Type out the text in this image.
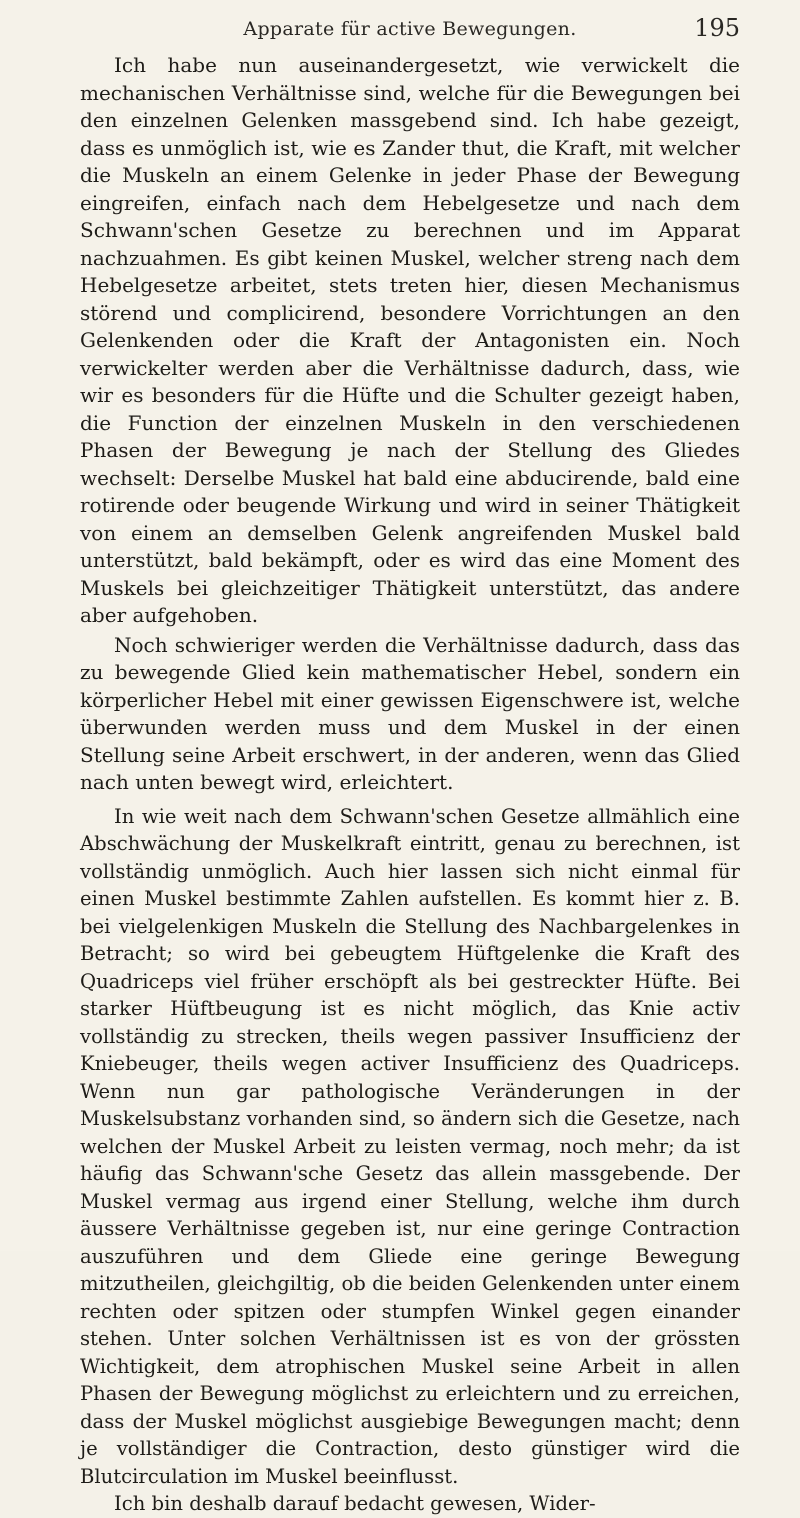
Apparate für active Bewegungen.	195

Ich habe nun auseinandergesetzt, wie verwickelt die mechanischen Verhältnisse sind, welche für die Bewegungen bei den einzelnen Gelenken massgebend sind. Ich habe gezeigt, dass es unmöglich ist, wie es Zander thut, die Kraft, mit welcher die Muskeln an einem Gelenke in jeder Phase der Bewegung eingreifen, einfach nach dem Hebelgesetze und nach dem Schwann'schen Gesetze zu berechnen und im Apparat nachzuahmen. Es gibt keinen Muskel, welcher streng nach dem Hebelgesetze arbeitet, stets treten hier, diesen Mechanismus störend und complicirend, besondere Vorrichtungen an den Gelenkenden oder die Kraft der Antagonisten ein. Noch verwickelter werden aber die Verhältnisse dadurch, dass, wie wir es besonders für die Hüfte und die Schulter gezeigt haben, die Function der einzelnen Muskeln in den verschiedenen Phasen der Bewegung je nach der Stellung des Gliedes wechselt: Derselbe Muskel hat bald eine abducirende, bald eine rotirende oder beugende Wirkung und wird in seiner Thätigkeit von einem an demselben Gelenk angreifenden Muskel bald unterstützt, bald bekämpft, oder es wird das eine Moment des Muskels bei gleichzeitiger Thätigkeit unterstützt, das andere aber aufgehoben.

Noch schwieriger werden die Verhältnisse dadurch, dass das zu bewegende Glied kein mathematischer Hebel, sondern ein körperlicher Hebel mit einer gewissen Eigenschwere ist, welche überwunden werden muss und dem Muskel in der einen Stellung seine Arbeit erschwert, in der anderen, wenn das Glied nach unten bewegt wird, erleichtert.

In wie weit nach dem Schwann'schen Gesetze allmählich eine Abschwächung der Muskelkraft eintritt, genau zu berechnen, ist vollständig unmöglich. Auch hier lassen sich nicht einmal für einen Muskel bestimmte Zahlen aufstellen. Es kommt hier z. B. bei vielgelenkigen Muskeln die Stellung des Nachbargelenkes in Betracht; so wird bei gebeugtem Hüftgelenke die Kraft des Quadriceps viel früher erschöpft als bei gestreckter Hüfte. Bei starker Hüftbeugung ist es nicht möglich, das Knie activ vollständig zu strecken, theils wegen passiver Insufficienz der Kniebeuger, theils wegen activer Insufficienz des Quadriceps. Wenn nun gar pathologische Veränderungen in der Muskelsubstanz vorhanden sind, so ändern sich die Gesetze, nach welchen der Muskel Arbeit zu leisten vermag, noch mehr; da ist häufig das Schwann'sche Gesetz das allein massgebende. Der Muskel vermag aus irgend einer Stellung, welche ihm durch äussere Verhältnisse gegeben ist, nur eine geringe Contraction auszuführen und dem Gliede eine geringe Bewegung mitzutheilen, gleichgiltig, ob die beiden Gelenkenden unter einem rechten oder spitzen oder stumpfen Winkel gegen einander stehen. Unter solchen Verhältnissen ist es von der grössten Wichtigkeit, dem atrophischen Muskel seine Arbeit in allen Phasen der Bewegung möglichst zu erleichtern und zu erreichen, dass der Muskel möglichst ausgiebige Bewegungen macht; denn je vollständiger die Contraction, desto günstiger wird die Blutcirculation im Muskel beeinflusst.

Ich bin deshalb darauf bedacht gewesen, Wider-
